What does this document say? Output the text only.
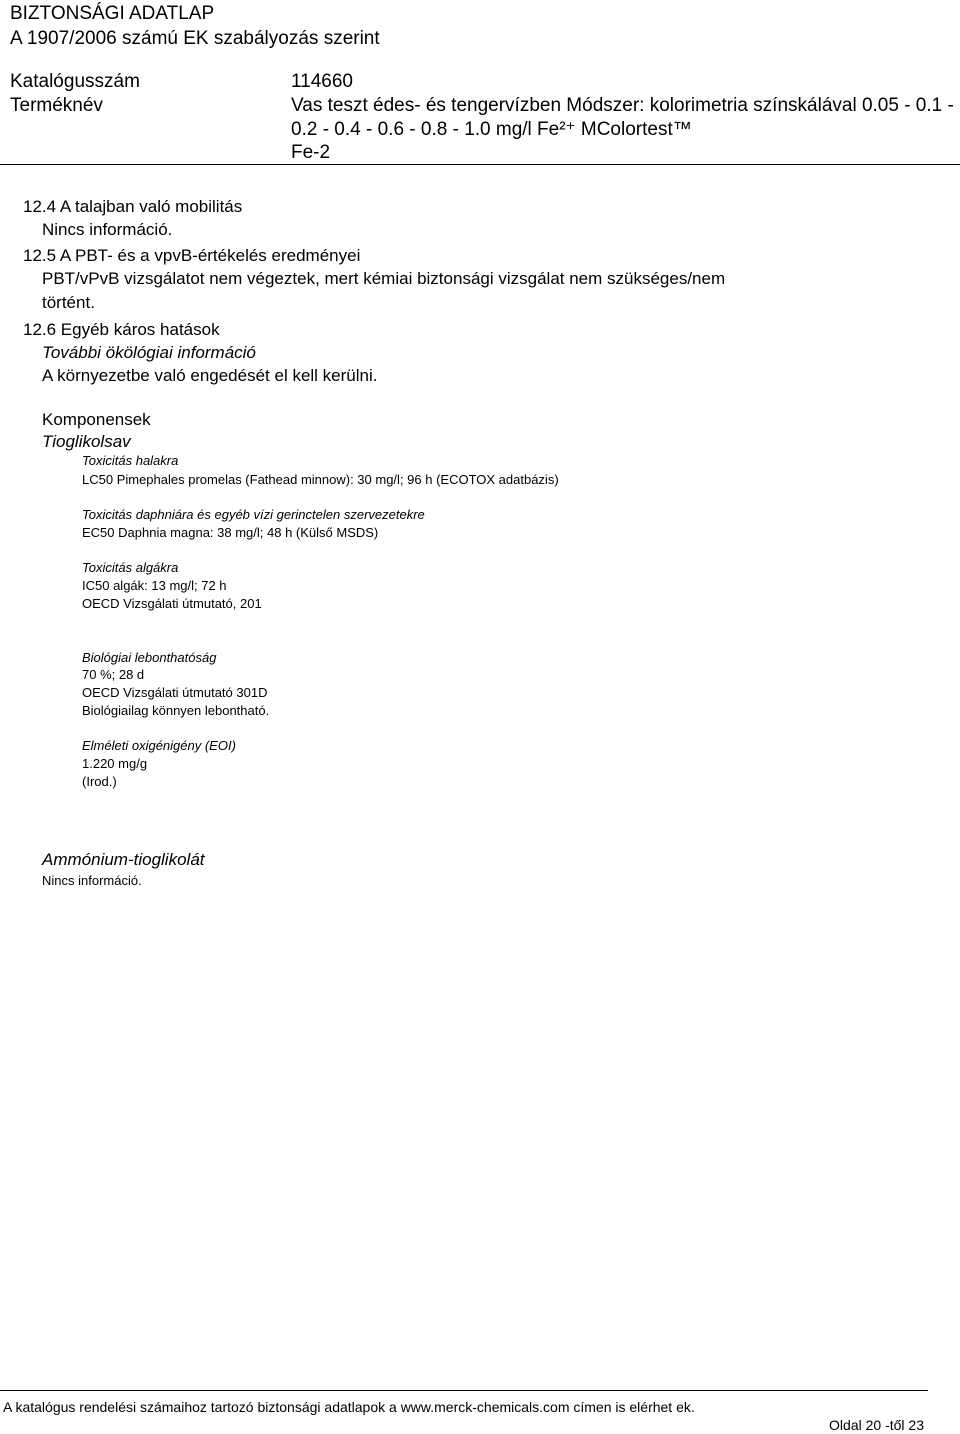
BIZTONSÁGI ADATLAP
A 1907/2006 számú EK szabályozás szerint
Katalógusszám	114660
Terméknév	Vas teszt édes- és tengervízben Módszer: kolorimetria színskálával 0.05 - 0.1 -
0.2 - 0.4 - 0.6 - 0.8 - 1.0 mg/l Fe²⁺ MColortest™
Fe-2
12.4 A talajban való mobilitás
Nincs információ.
12.5 A PBT- és a vpvB-értékelés eredményei
PBT/vPvB vizsgálatot nem végeztek, mert kémiai biztonsági vizsgálat nem szükséges/nem
történt.
12.6 Egyéb káros hatások
További ökölógiai információ
A környezetbe való engedését el kell kerülni.
Komponensek
Tioglikolsav
Toxicitás halakra
LC50 Pimephales promelas (Fathead minnow): 30 mg/l; 96 h (ECOTOX adatbázis)
Toxicitás daphniára és egyéb vízi gerinctelen szervezetekre
EC50 Daphnia magna: 38 mg/l; 48 h (Külső MSDS)
Toxicitás algákra
IC50 algák: 13 mg/l; 72 h
OECD Vizsgálati útmutató, 201
Biológiai lebonthatóság
70 %; 28 d
OECD Vizsgálati útmutató 301D
Biológiailag könnyen lebontható.
Elméleti oxigénigény (EOI)
1.220 mg/g
(Irod.)
Ammónium-tioglikolát
Nincs információ.
A katalógus rendelési számaihoz tartozó biztonsági adatlapok a www.merck-chemicals.com címen is elérhet ek.
Oldal 20 -től 23
